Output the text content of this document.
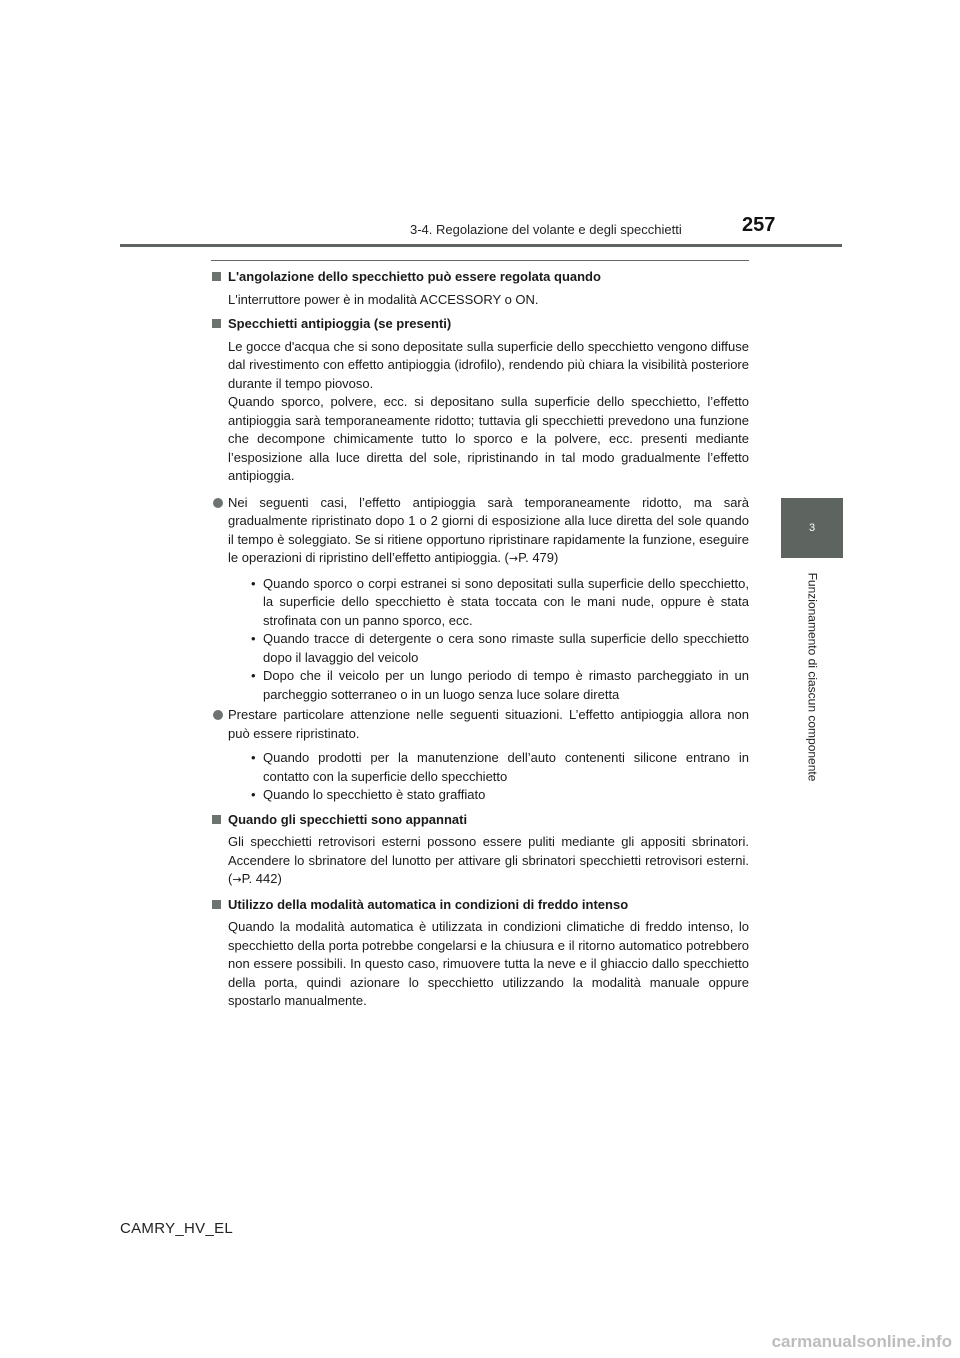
3-4. Regolazione del volante e degli specchietti	257
3
Funzionamento di ciascun componente
L'angolazione dello specchietto può essere regolata quando

L'interruttore power è in modalità ACCESSORY o ON.

Specchietti antipioggia (se presenti)

Le gocce d'acqua che si sono depositate sulla superficie dello specchietto vengono diffuse dal rivestimento con effetto antipioggia (idrofilo), rendendo più chiara la visibilità posteriore durante il tempo piovoso.

Quando sporco, polvere, ecc. si depositano sulla superficie dello specchietto, l’effetto antipioggia sarà temporaneamente ridotto; tuttavia gli specchietti prevedono una funzione che decompone chimicamente tutto lo sporco e la polvere, ecc. presenti mediante l’esposizione alla luce diretta del sole, ripristinando in tal modo gradualmente l’effetto antipioggia.

Nei seguenti casi, l’effetto antipioggia sarà temporaneamente ridotto, ma sarà gradualmente ripristinato dopo 1 o 2 giorni di esposizione alla luce diretta del sole quando il tempo è soleggiato. Se si ritiene opportuno ripristinare rapidamente la funzione, eseguire le operazioni di ripristino dell’effetto antipioggia. (→P. 479)
• Quando sporco o corpi estranei si sono depositati sulla superficie dello specchietto, la superficie dello specchietto è stata toccata con le mani nude, oppure è stata strofinata con un panno sporco, ecc.
• Quando tracce di detergente o cera sono rimaste sulla superficie dello specchietto dopo il lavaggio del veicolo
• Dopo che il veicolo per un lungo periodo di tempo è rimasto parcheggiato in un parcheggio sotterraneo o in un luogo senza luce solare diretta
Prestare particolare attenzione nelle seguenti situazioni. L’effetto antipioggia allora non può essere ripristinato.
• Quando prodotti per la manutenzione dell’auto contenenti silicone entrano in contatto con la superficie dello specchietto
• Quando lo specchietto è stato graffiato
Quando gli specchietti sono appannati

Gli specchietti retrovisori esterni possono essere puliti mediante gli appositi sbrinatori. Accendere lo sbrinatore del lunotto per attivare gli sbrinatori specchietti retrovisori esterni. (→P. 442)

Utilizzo della modalità automatica in condizioni di freddo intenso

Quando la modalità automatica è utilizzata in condizioni climatiche di freddo intenso, lo specchietto della porta potrebbe congelarsi e la chiusura e il ritorno automatico potrebbero non essere possibili. In questo caso, rimuovere tutta la neve e il ghiaccio dallo specchietto della porta, quindi azionare lo specchietto utilizzando la modalità manuale oppure spostarlo manualmente.

CAMRY_HV_EL
carmanualsonline.info
